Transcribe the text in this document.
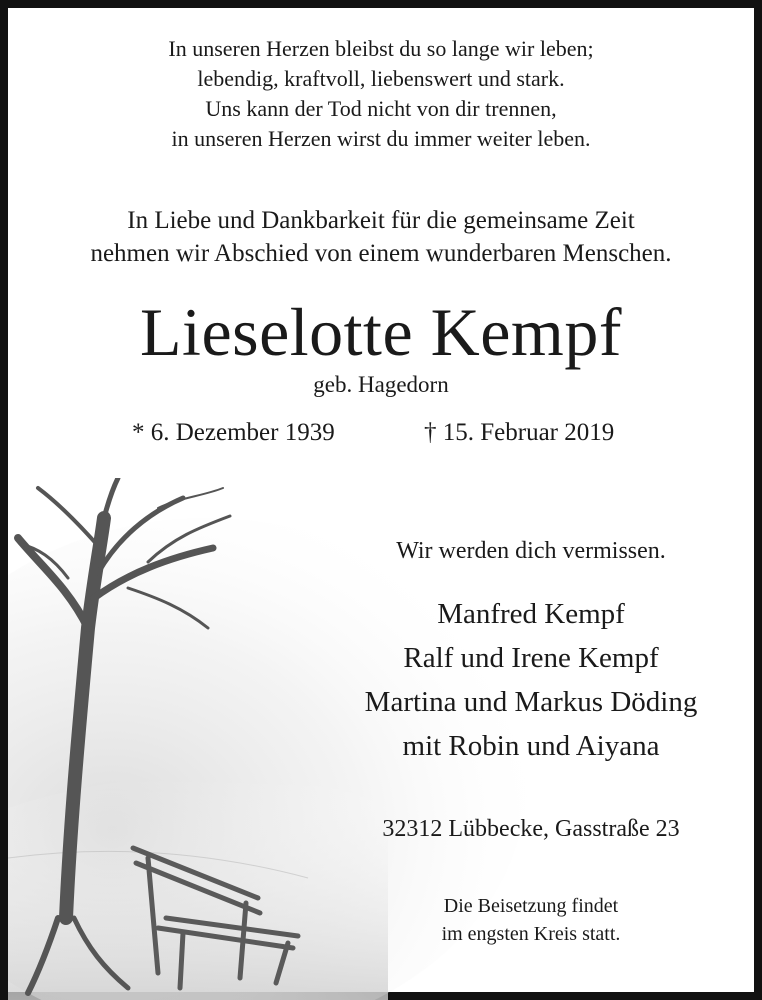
In unseren Herzen bleibst du so lange wir leben;
lebendig, kraftvoll, liebenswert und stark.
Uns kann der Tod nicht von dir trennen,
in unseren Herzen wirst du immer weiter leben.
In Liebe und Dankbarkeit für die gemeinsame Zeit
nehmen wir Abschied von einem wunderbaren Menschen.
Lieselotte Kempf
geb. Hagedorn
* 6. Dezember 1939	† 15. Februar 2019
Wir werden dich vermissen.
Manfred Kempf
Ralf und Irene Kempf
Martina und Markus Döding
mit Robin und Aiyana
32312 Lübbecke, Gasstraße 23
Die Beisetzung findet
im engsten Kreis statt.
